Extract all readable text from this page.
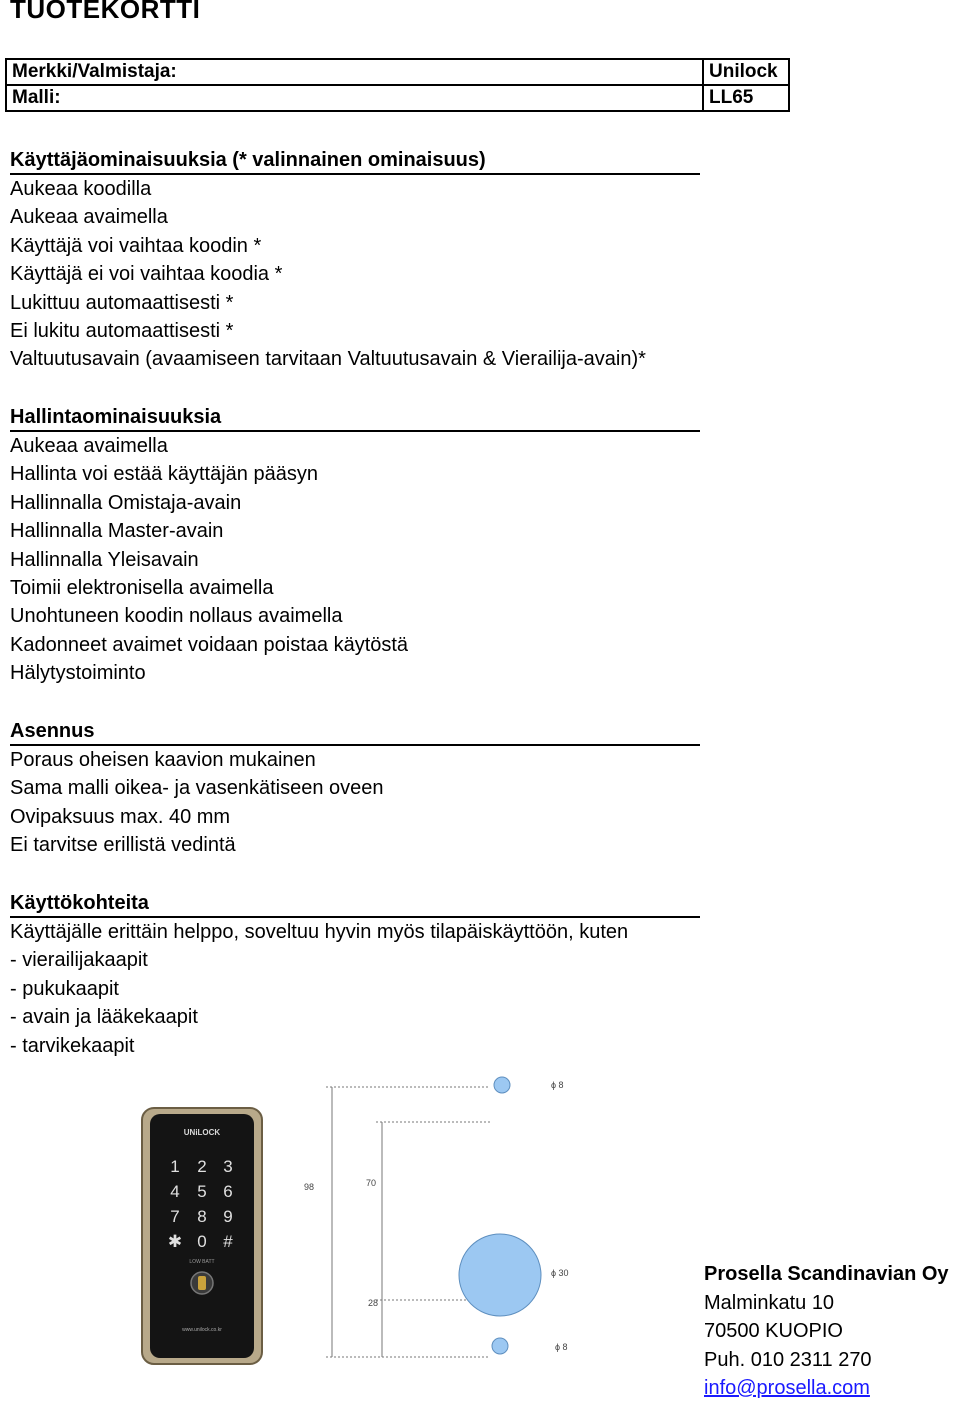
TUOTEKORTTI
Merkki/Valmistaja:	Unilock
Malli:	LL65
Käyttäjäominaisuuksia (* valinnainen ominaisuus)
Aukeaa koodilla
Aukeaa avaimella
Käyttäjä voi vaihtaa koodin *
Käyttäjä ei voi vaihtaa koodia *
Lukittuu automaattisesti *
Ei lukitu automaattisesti *
Valtuutusavain (avaamiseen tarvitaan Valtuutusavain & Vierailija-avain)*
Hallintaominaisuuksia
Aukeaa avaimella
Hallinta voi estää käyttäjän pääsyn
Hallinnalla Omistaja-avain
Hallinnalla Master-avain
Hallinnalla Yleisavain
Toimii elektronisella avaimella
Unohtuneen koodin nollaus avaimella
Kadonneet avaimet voidaan poistaa käytöstä
Hälytystoiminto
Asennus
Poraus oheisen kaavion mukainen
Sama malli oikea- ja vasenkätiseen oveen
Ovipaksuus max. 40 mm
Ei tarvitse erillistä vedintä
Käyttökohteita
Käyttäjälle erittäin helppo, soveltuu hyvin myös tilapäiskäyttöön, kuten
- vierailijakaapit
- pukukaapit
- avain ja lääkekaapit
- tarvikekaapit
UNiLOCK
1 2 3
4 5 6
7 8 9
✱ 0 #
LOW BATT
www.unilock.co.kr
98	70
28
ϕ 8
ϕ 30
ϕ 8
Prosella Scandinavian Oy
Malminkatu 10
70500 KUOPIO
Puh. 010 2311 270
info@prosella.com
